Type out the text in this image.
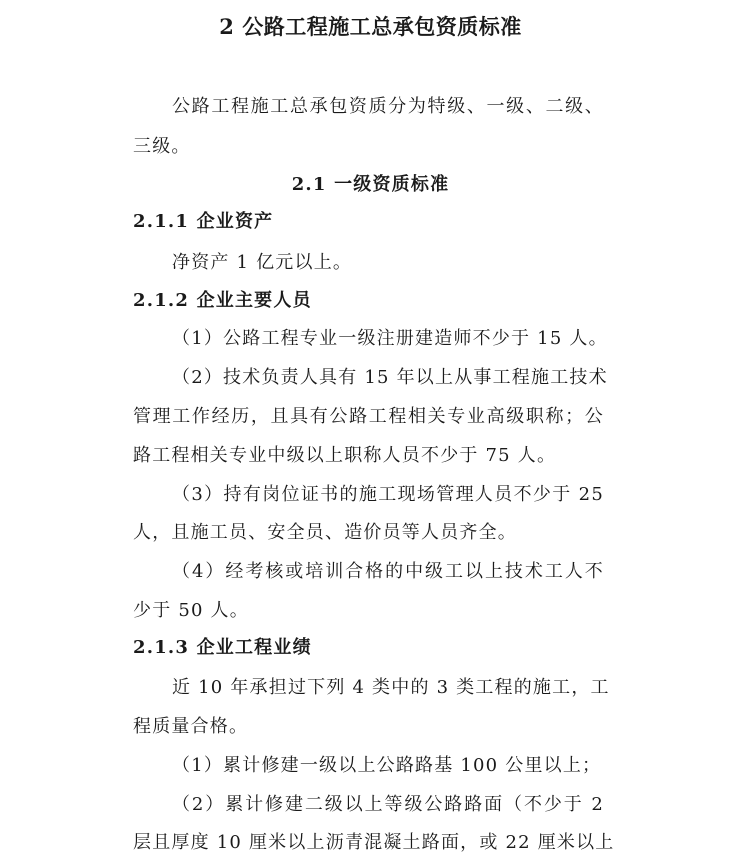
2 公路工程施工总承包资质标准
公路工程施工总承包资质分为特级、一级、二级、
三级。
2.1 一级资质标准
2.1.1 企业资产
净资产 1 亿元以上。
2.1.2 企业主要人员
（1）公路工程专业一级注册建造师不少于 15 人。
（2）技术负责人具有 15 年以上从事工程施工技术
管理工作经历，且具有公路工程相关专业高级职称；公
路工程相关专业中级以上职称人员不少于 75 人。
（3）持有岗位证书的施工现场管理人员不少于 25
人，且施工员、安全员、造价员等人员齐全。
（4）经考核或培训合格的中级工以上技术工人不
少于 50 人。
2.1.3 企业工程业绩
近 10 年承担过下列 4 类中的 3 类工程的施工，工
程质量合格。
（1）累计修建一级以上公路路基 100 公里以上；
（2）累计修建二级以上等级公路路面（不少于 2
层且厚度 10 厘米以上沥青混凝土路面，或 22 厘米以上
